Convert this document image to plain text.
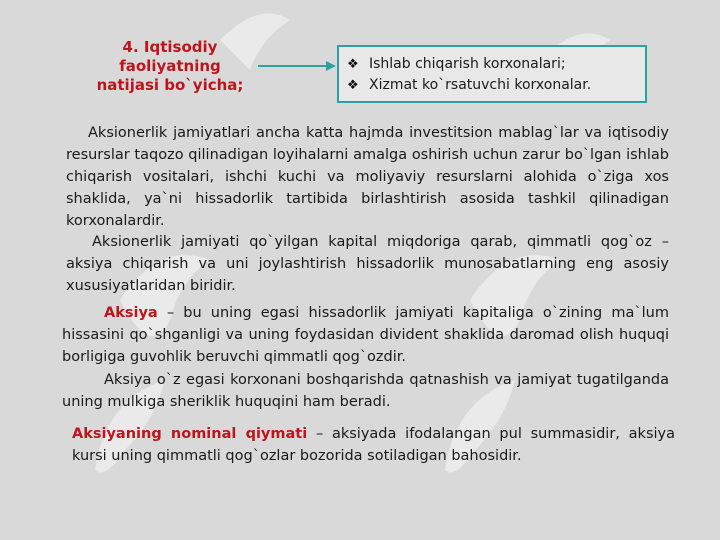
4. Iqtisodiy faoliyatning natijasi bo`yicha;
❖ Ishlab chiqarish korxonalari;
❖ Xizmat ko`rsatuvchi korxonalar.

Aksionerlik jamiyatlari ancha katta hajmda investitsion mablag`lar va iqtisodiy resurslar taqozo qilinadigan loyihalarni amalga oshirish uchun zarur bo`lgan ishlab chiqarish vositalari, ishchi kuchi va moliyaviy resurslarni alohida o`ziga xos shaklida, ya`ni hissadorlik tartibida birlashtirish asosida tashkil qilinadigan korxonalardir.

Aksionerlik jamiyati qo`yilgan kapital miqdoriga qarab, qimmatli qog`oz –aksiya chiqarish va uni joylashtirish hissadorlik munosabatlarning eng asosiy xususiyatlaridan biridir.

Aksiya – bu uning egasi hissadorlik jamiyati kapitaliga o`zining ma`lum hissasini qo`shganligi va uning foydasidan divident shaklida daromad olish huquqi borligiga guvohlik beruvchi qimmatli qog`ozdir.

Aksiya o`z egasi korxonani boshqarishda qatnashish va jamiyat tugatilganda uning mulkiga sheriklik huquqini ham beradi.

Aksiyaning nominal qiymati – aksiyada ifodalangan pul summasidir, aksiya kursi uning qimmatli qog`ozlar bozorida sotiladigan bahosidir.
